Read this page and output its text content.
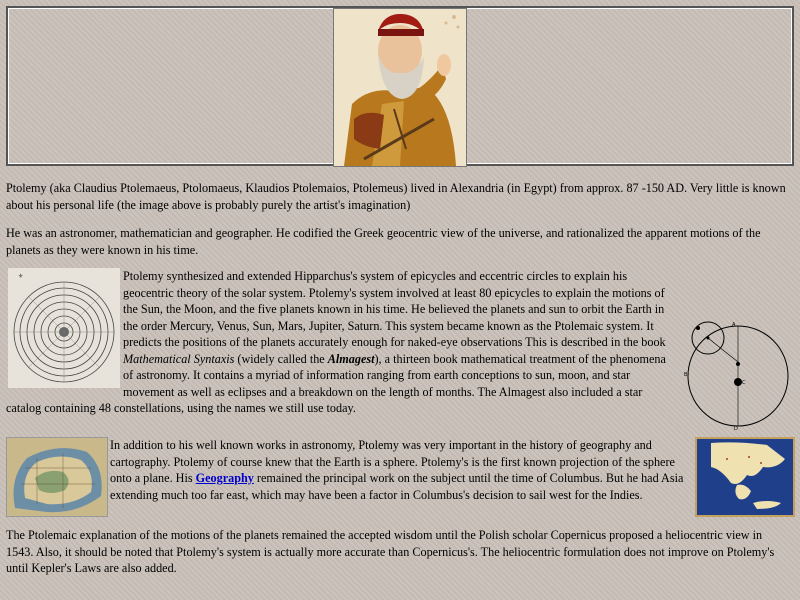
Ptolemy (aka Claudius Ptolemaeus, Ptolomaeus, Klaudios Ptolemaios, Ptolemeus) lived in Alexandria (in Egypt) from approx. 87 -150 AD. Very little is known about his personal life (the image above is probably purely the artist's imagination)

He was an astronomer, mathematician and geographer. He codified the Greek geocentric view of the universe, and rationalized the apparent motions of the planets as they were known in his time.

⚜
A
B
C
D
Ptolemy synthesized and extended Hipparchus's system of epicycles and eccentric circles to explain his geocentric theory of the solar system. Ptolemy's system involved at least 80 epicycles to explain the motions of the Sun, the Moon, and the five planets known in his time. He believed the planets and sun to orbit the Earth in the order Mercury, Venus, Sun, Mars, Jupiter, Saturn. This system became known as the Ptolemaic system. It predicts the positions of the planets accurately enough for naked-eye observations This is described in the book Mathematical Syntaxis (widely called the Almagest), a thirteen book mathematical treatment of the phenomena of astronomy. It contains a myriad of information ranging from earth conceptions to sun, moon, and star movement as well as eclipses and a breakdown on the length of months. The Almagest also included a star catalog containing 48 constellations, using the names we still use today.
In addition to his well known works in astronomy, Ptolemy was very important in the history of geography and cartography. Ptolemy of course knew that the Earth is a sphere. Ptolemy's is the first known projection of the sphere onto a plane. His Geography remained the principal work on the subject until the time of Columbus. But he had Asia extending much too far east, which may have been a factor in Columbus's decision to sail west for the Indies.

The Ptolemaic explanation of the motions of the planets remained the accepted wisdom until the Polish scholar Copernicus proposed a heliocentric view in 1543. Also, it should be noted that Ptolemy's system is actually more accurate than Copernicus's. The heliocentric formulation does not improve on Ptolemy's until Kepler's Laws are also added.
